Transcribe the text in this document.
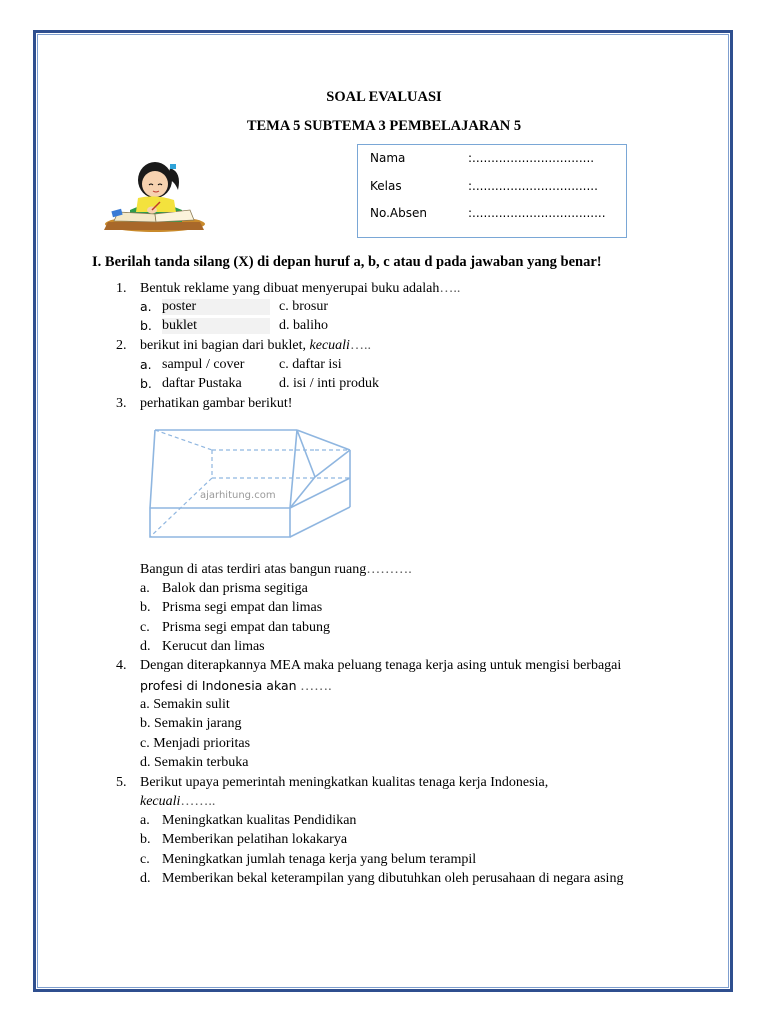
SOAL EVALUASI
TEMA 5 SUBTEMA 3 PEMBELAJARAN 5
Nama	:................................
Kelas	:.................................
No.Absen	:...................................
I. Berilah tanda silang (X) di depan huruf a, b, c atau d pada jawaban yang benar!
1. Bentuk reklame yang dibuat menyerupai buku adalah…..
a. poster	c. brosur
b. buklet	d. baliho
2. berikut ini bagian dari buklet, kecuali…..
a. sampul / cover c. daftar isi
b. daftar Pustaka	d. isi / inti produk
3. perhatikan gambar berikut!
ajarhitung.com
Bangun di atas terdiri atas bangun ruang……….
a. Balok dan prisma segitiga
b. Prisma segi empat dan limas
c. Prisma segi empat dan tabung
d. Kerucut dan limas
4. Dengan diterapkannya MEA maka peluang tenaga kerja asing untuk mengisi berbagai
profesi di Indonesia akan …….
a. Semakin sulit
b. Semakin jarang
c. Menjadi prioritas
d. Semakin terbuka
5. Berikut upaya pemerintah meningkatkan kualitas tenaga kerja Indonesia,
kecuali……..
a. Meningkatkan kualitas Pendidikan
b. Memberikan pelatihan lokakarya
c. Meningkatkan jumlah tenaga kerja yang belum terampil
d. Memberikan bekal keterampilan yang dibutuhkan oleh perusahaan di negara asing
